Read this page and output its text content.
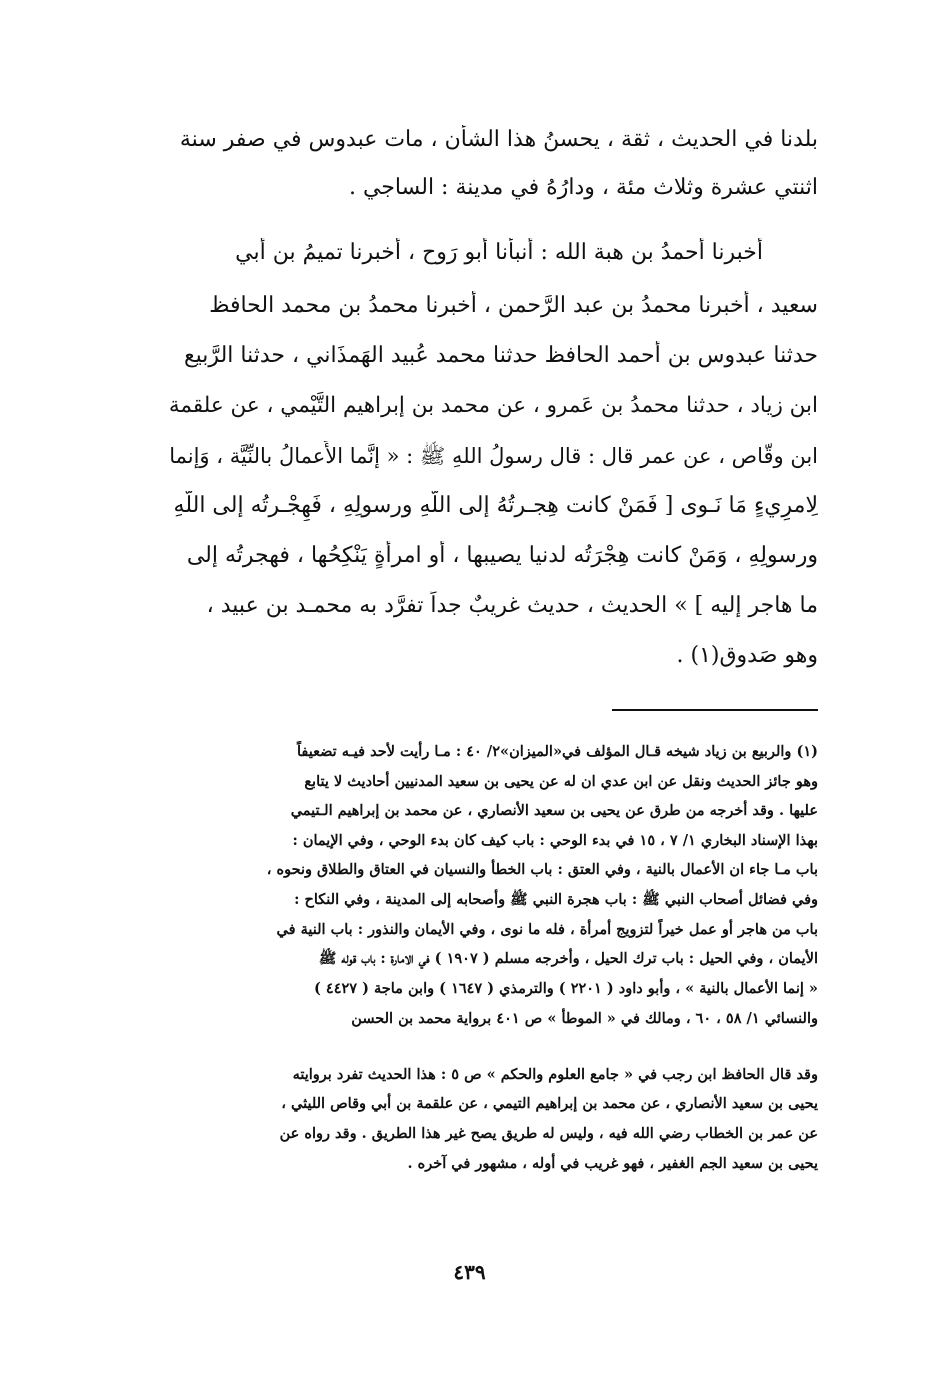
بلدنا في الحديث ، ثقة ، يحسنُ هذا الشأن ، مات عبدوس في صفر سنة
اثنتي عشرة وثلاث مئة ، ودارُهُ في مدينة : الساجي .
أخبرنا أحمدُ بن هبة الله : أنبأنا أبو رَوح ، أخبرنا تميمُ بن أبي
سعيد ، أخبرنا محمدُ بن عبد الرَّحمن ، أخبرنا محمدُ بن محمد الحافظ
حدثنا عبدوس بن أحمد الحافظ حدثنا محمد عُبيد الهَمذَاني ، حدثنا الرَّبيع
ابن زياد ، حدثنا محمدُ بن عَمرو ، عن محمد بن إبراهيم التَّيْمي ، عن علقمة
ابن وقّاص ، عن عمر قال : قال رسولُ اللهِ ﷺ : « إنَّما الأَعمالُ بالنِّيَّة ، وَإنما
لِامرِيءٍ مَا نَـوى [ فَمَنْ كانت هِجـرتُهُ إلى اللّهِ ورسولِهِ ، فَهِجْـرتُه إلى اللّهِ
ورسولِهِ ، وَمَنْ كانت هِجْرَتُه لدنيا يصيبها ، أو امرأةٍ يَنْكِحُها ، فهجرتُه إلى
ما هاجر إليه ] » الحديث ، حديث غريبٌ جداً تفرَّد به محمـد بن عبيد ،
وهو صَدوق(١) .
(١) والربيع بن زياد شيخه قـال المؤلف في«الميزان»٢/ ٤٠ : مـا رأيت لأحد فيـه تضعيفاً
وهو جائز الحديث ونقل عن ابن عدي ان له عن يحيى بن سعيد المدنيين أحاديث لا يتابع
عليها . وقد أخرجه من طرق عن يحيى بن سعيد الأنصاري ، عن محمد بن إبراهيم الـتيمي
بهذا الإسناد البخاري ١/ ٧ ، ١٥ في بدء الوحي : باب كيف كان بدء الوحي ، وفي الإيمان :
باب مـا جاء ان الأعمال بالنية ، وفي العتق : باب الخطأ والنسيان في العتاق والطلاق ونحوه ،
وفي فضائل أصحاب النبي ﷺ : باب هجرة النبي ﷺ وأصحابه إلى المدينة ، وفي النكاح :
باب من هاجر أو عمل خيراً لتزويج أمرأة ، فله ما نوى ، وفي الأيمان والنذور : باب النية في
الأيمان ، وفي الحيل : باب ترك الحيل ، وأخرجه مسلم ( ١٩٠٧ ) في الامارة : باب قوله ﷺ
« إنما الأعمال بالنية » ، وأبو داود ( ٢٢٠١ ) والترمذي ( ١٦٤٧ ) وابن ماجة ( ٤٤٢٧ )
والنسائي ١/ ٥٨ ، ٦٠ ، ومالك في « الموطأ » ص ٤٠١ برواية محمد بن الحسن
وقد قال الحافظ ابن رجب في « جامع العلوم والحكم » ص ٥ : هذا الحديث تفرد بروايته
يحيى بن سعيد الأنصاري ، عن محمد بن إبراهيم التيمي ، عن علقمة بن أبي وقاص الليثي ،
عن عمر بن الخطاب رضي الله فيه ، وليس له طريق يصح غير هذا الطريق . وقد رواه عن
يحيى بن سعيد الجم الغفير ، فهو غريب في أوله ، مشهور في آخره .
٤٣٩
